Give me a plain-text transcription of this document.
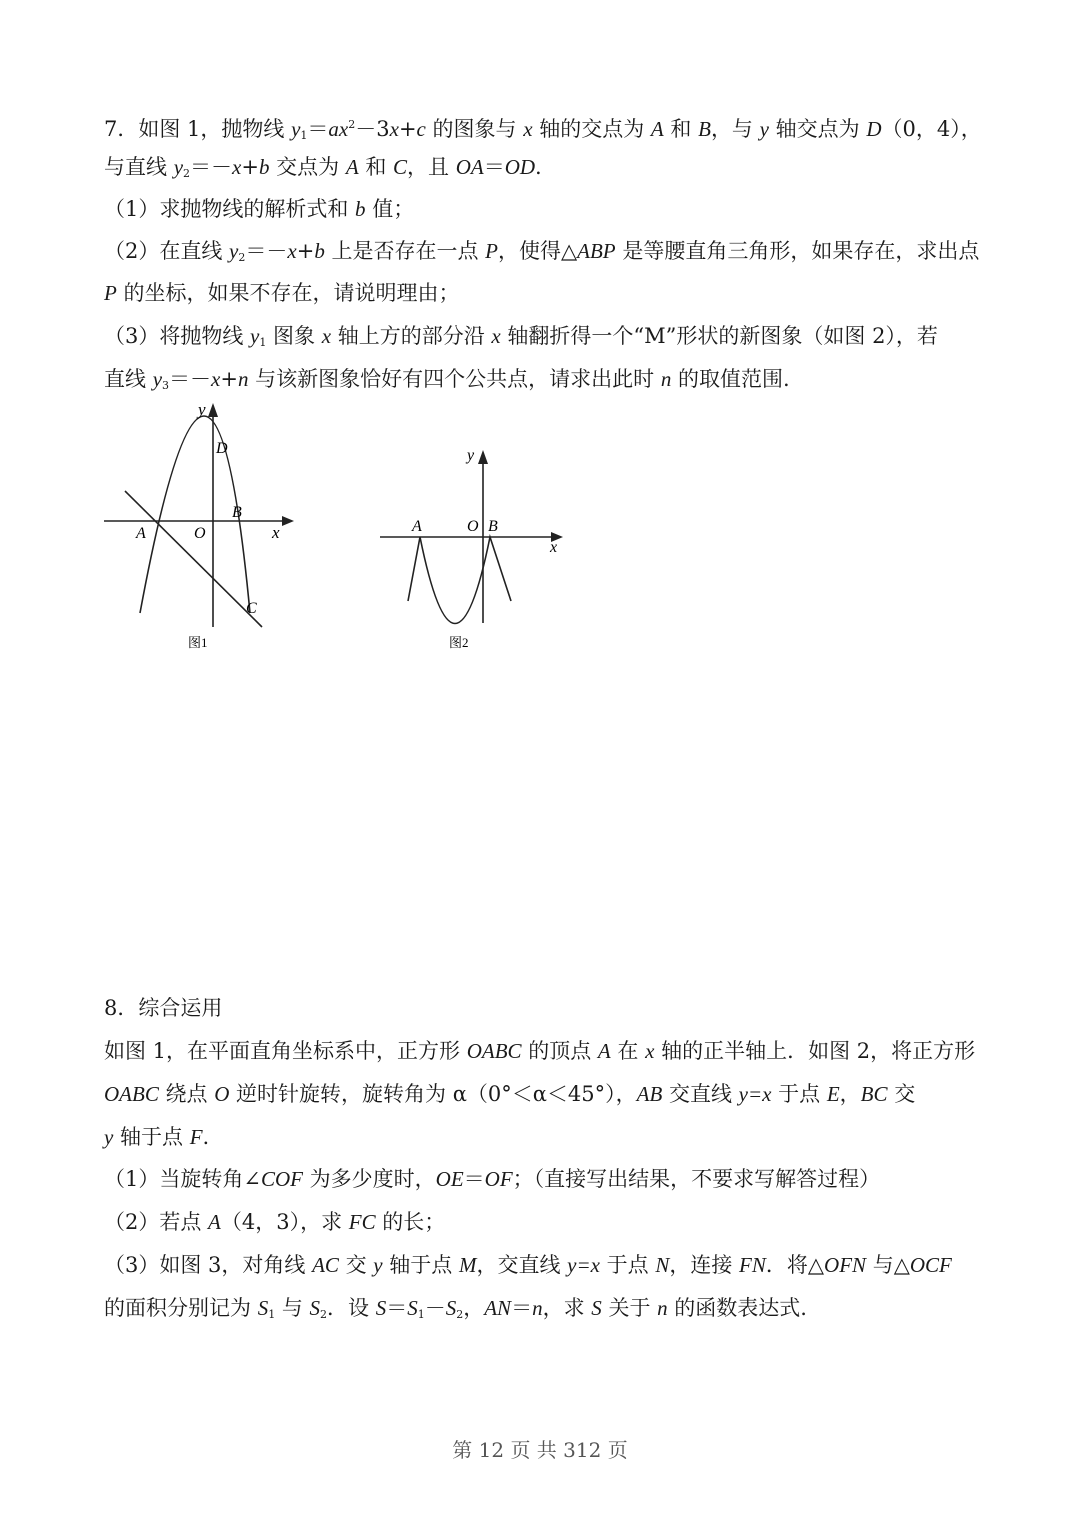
7．如图 1，抛物线 $y_1=ax^2-3x+c$ 的图象与 x 轴的交点为 A 和 B，与 y 轴交点为 D（0，4），
与直线 $y_2=-x+b$ 交点为 A 和 C，且 OA＝OD.
（1）求抛物线的解析式和 b 值；
（2）在直线 $y_2=-x+b$ 上是否存在一点 P，使得△ABP 是等腰直角三角形，如果存在，求出点
P 的坐标，如果不存在，请说明理由；
（3）将抛物线 $y_1$ 图象 x 轴上方的部分沿 x 轴翻折得一个“M”形状的新图象（如图 2），若
直线 $y_3=-x+n$ 与该新图象恰好有四个公共点，请求出此时 n 的取值范围.
y
x
D
A	O
B
C
图1
y
x
A	O B
图2
8．综合运用
如图 1，在平面直角坐标系中，正方形 OABC 的顶点 A 在 x 轴的正半轴上．如图 2，将正方形
OABC 绕点 O 逆时针旋转，旋转角为 α（0°＜α＜45°），AB 交直线 y=x 于点 E，BC 交
y 轴于点 F.
（1）当旋转角∠COF 为多少度时，OE＝OF；（直接写出结果，不要求写解答过程）
（2）若点 A（4，3），求 FC 的长；
（3）如图 3，对角线 AC 交 y 轴于点 M，交直线 y=x 于点 N，连接 FN．将△OFN 与△OCF
的面积分别记为 $S_1$ 与 $S_2$．设 $S=S_1-S_2$，AN＝n，求 S 关于 n 的函数表达式.
第 12 页 共 312 页
